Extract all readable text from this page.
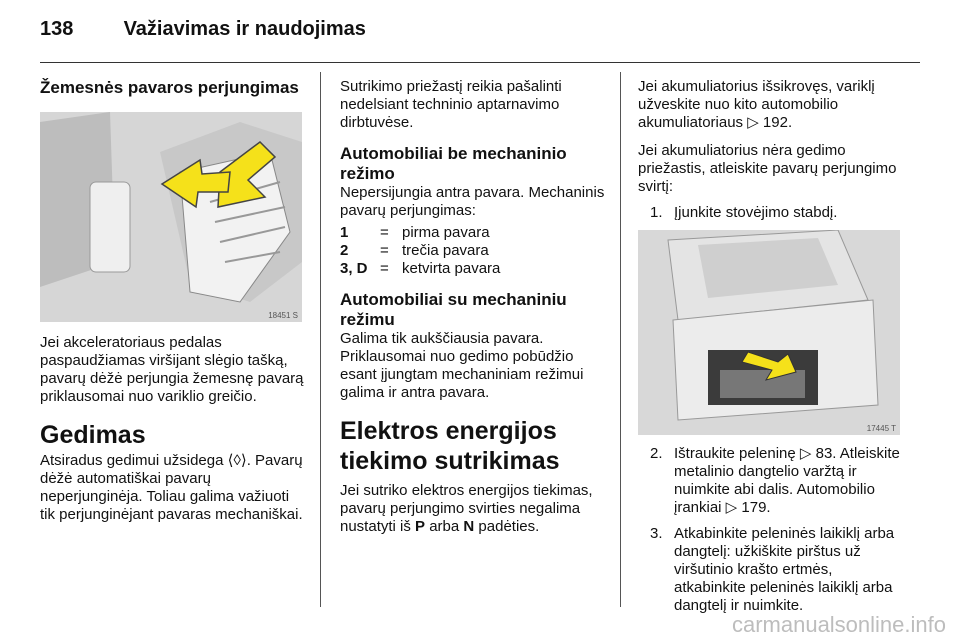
138	Važiavimas ir naudojimas
Žemesnės pavaros perjungimas
18451 S

Jei akceleratoriaus pedalas paspaudžiamas viršijant slėgio tašką, pavarų dėžė perjungia žemesnę pavarą priklausomai nuo variklio greičio.

Gedimas

Atsiradus gedimui užsidega ⟨◊⟩. Pavarų dėžė automatiškai pavarų neperjunginėja. Toliau galima važiuoti tik perjunginėjant pavaras mechaniškai.

Sutrikimo priežastį reikia pašalinti nedelsiant techninio aptarnavimo dirbtuvėse.

Automobiliai be mechaninio režimo

Nepersijungia antra pavara. Mechaninis pavarų perjungimas:

1	= pirma pavara
2	= trečia pavara
3, D = ketvirta pavara
Automobiliai su mechaniniu režimu

Galima tik aukščiausia pavara. Priklausomai nuo gedimo pobūdžio esant įjungtam mechaniniam režimui galima ir antra pavara.

Elektros energijos tiekimo sutrikimas

Jei sutriko elektros energijos tiekimas, pavarų perjungimo svirties negalima nustatyti iš P arba N padėties.

Jei akumuliatorius išsikrovęs, variklį užveskite nuo kito automobilio akumuliatoriaus ▷ 192.

Jei akumuliatorius nėra gedimo priežastis, atleiskite pavarų perjungimo svirtį:

1. Įjunkite stovėjimo stabdį.
17445 T
2. Ištraukite peleninę ▷ 83. Atleiskite metalinio dangtelio varžtą ir nuimkite abi dalis. Automobilio įrankiai ▷ 179.
3. Atkabinkite peleninės laikiklį arba dangtelį: užkiškite pirštus už viršutinio krašto ertmės, atkabinkite peleninės laikiklį arba dangtelį ir nuimkite.
carmanualsonline.info
